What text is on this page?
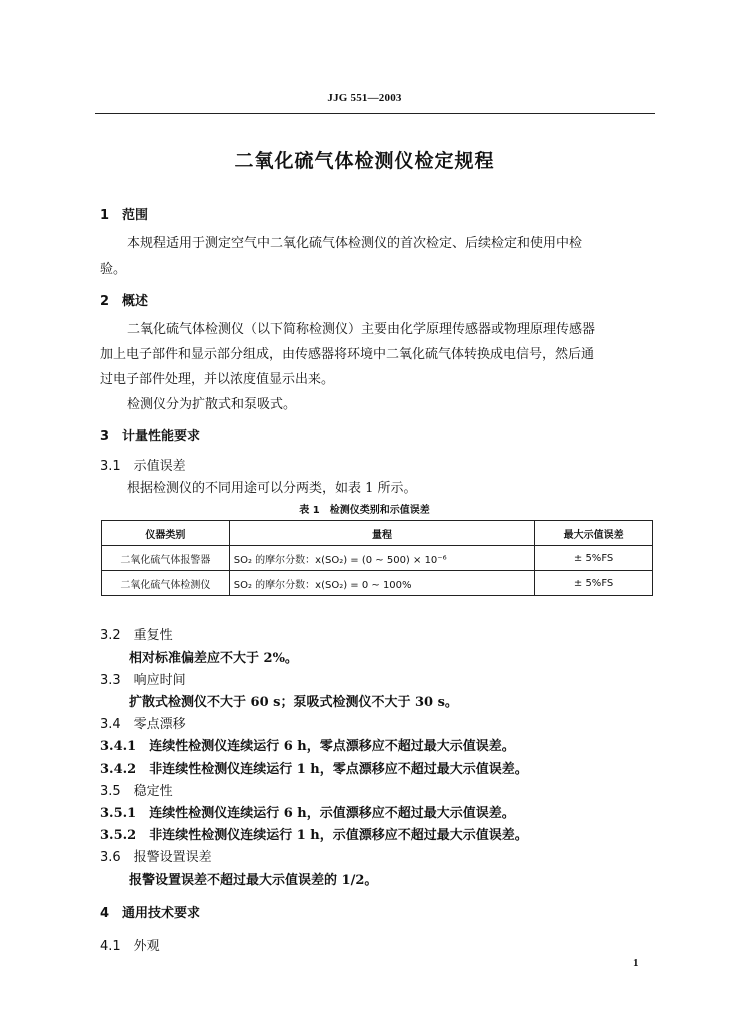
JJG 551—2003
二氧化硫气体检测仪检定规程
1　范围
本规程适用于测定空气中二氧化硫气体检测仪的首次检定、后续检定和使用中检
验。
2　概述
二氧化硫气体检测仪（以下简称检测仪）主要由化学原理传感器或物理原理传感器
加上电子部件和显示部分组成，由传感器将环境中二氧化硫气体转换成电信号，然后通
过电子部件处理，并以浓度值显示出来。
检测仪分为扩散式和泵吸式。
3　计量性能要求
3.1　示值误差
根据检测仪的不同用途可以分两类，如表 1 所示。
表 1　检测仪类别和示值误差
仪器类别	量程	最大示值误差
二氧化硫气体报警器	SO₂ 的摩尔分数：x(SO₂) = (0 ~ 500) × 10⁻⁶	± 5%FS
二氧化硫气体检测仪	SO₂ 的摩尔分数：x(SO₂) = 0 ~ 100%	± 5%FS
3.2　重复性
相对标准偏差应不大于 2%。
3.3　响应时间
扩散式检测仪不大于 60 s；泵吸式检测仪不大于 30 s。
3.4　零点漂移
3.4.1　连续性检测仪连续运行 6 h，零点漂移应不超过最大示值误差。
3.4.2　非连续性检测仪连续运行 1 h，零点漂移应不超过最大示值误差。
3.5　稳定性
3.5.1　连续性检测仪连续运行 6 h，示值漂移应不超过最大示值误差。
3.5.2　非连续性检测仪连续运行 1 h，示值漂移应不超过最大示值误差。
3.6　报警设置误差
报警设置误差不超过最大示值误差的 1/2。
4　通用技术要求
4.1　外观
1
